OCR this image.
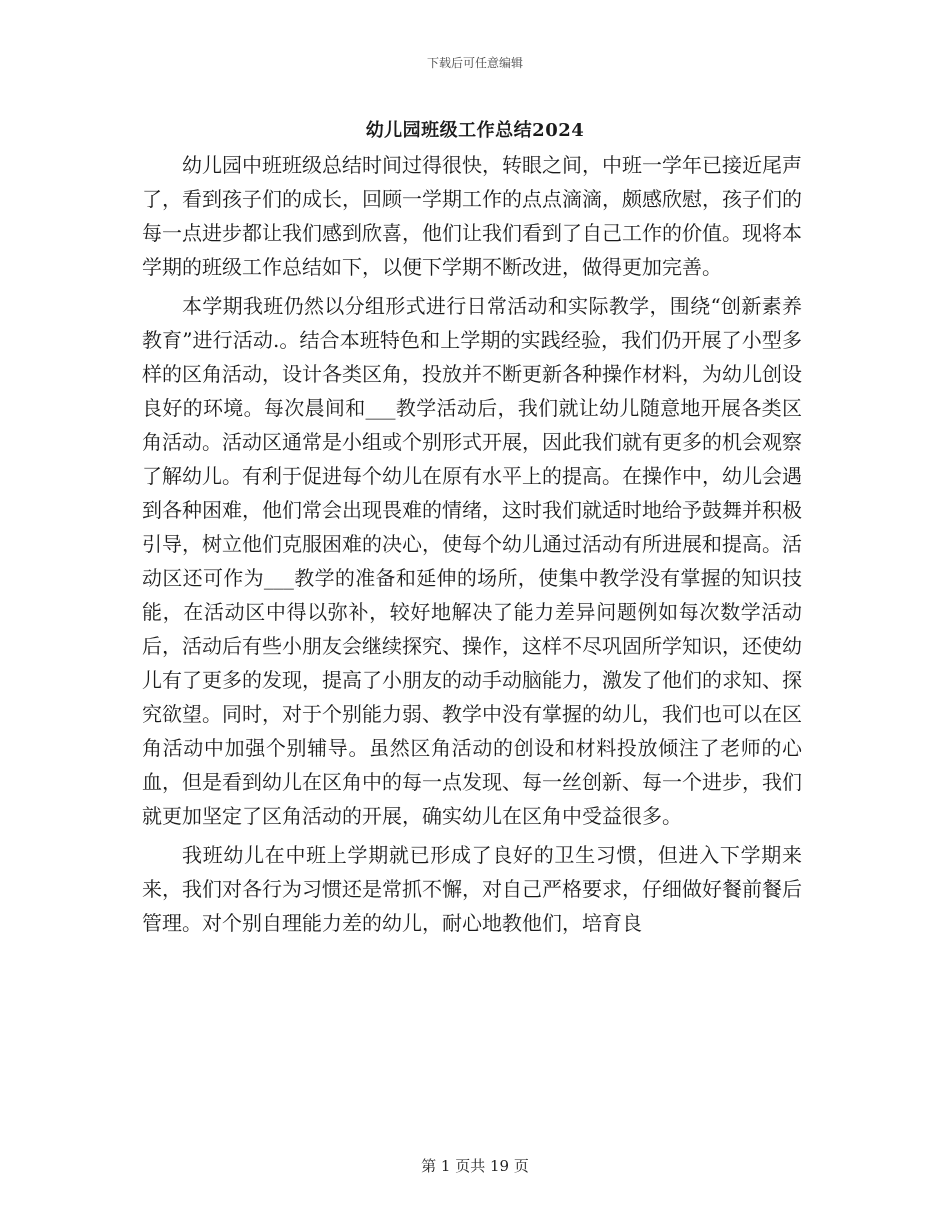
下载后可任意编辑
幼儿园班级工作总结2024

幼儿园中班班级总结时间过得很快，转眼之间，中班一学年已接近尾声了，看到孩子们的成长，回顾一学期工作的点点滴滴，颇感欣慰，孩子们的每一点进步都让我们感到欣喜，他们让我们看到了自己工作的价值。现将本学期的班级工作总结如下，以便下学期不断改进，做得更加完善。

本学期我班仍然以分组形式进行日常活动和实际教学，围绕“创新素养教育”进行活动.。结合本班特色和上学期的实践经验，我们仍开展了小型多样的区角活动，设计各类区角，投放并不断更新各种操作材料，为幼儿创设良好的环境。每次晨间和___教学活动后，我们就让幼儿随意地开展各类区角活动。活动区通常是小组或个别形式开展，因此我们就有更多的机会观察了解幼儿。有利于促进每个幼儿在原有水平上的提高。在操作中，幼儿会遇到各种困难，他们常会出现畏难的情绪，这时我们就适时地给予鼓舞并积极引导，树立他们克服困难的决心，使每个幼儿通过活动有所进展和提高。活动区还可作为___教学的准备和延伸的场所，使集中教学没有掌握的知识技能，在活动区中得以弥补，较好地解决了能力差异问题例如每次数学活动后，活动后有些小朋友会继续探究、操作，这样不尽巩固所学知识，还使幼儿有了更多的发现，提高了小朋友的动手动脑能力，激发了他们的求知、探究欲望。同时，对于个别能力弱、教学中没有掌握的幼儿，我们也可以在区角活动中加强个别辅导。虽然区角活动的创设和材料投放倾注了老师的心血，但是看到幼儿在区角中的每一点发现、每一丝创新、每一个进步，我们就更加坚定了区角活动的开展，确实幼儿在区角中受益很多。

我班幼儿在中班上学期就已形成了良好的卫生习惯，但进入下学期来来，我们对各行为习惯还是常抓不懈，对自己严格要求，仔细做好餐前餐后管理。对个别自理能力差的幼儿，耐心地教他们，培育良

第 1 页共 19 页
